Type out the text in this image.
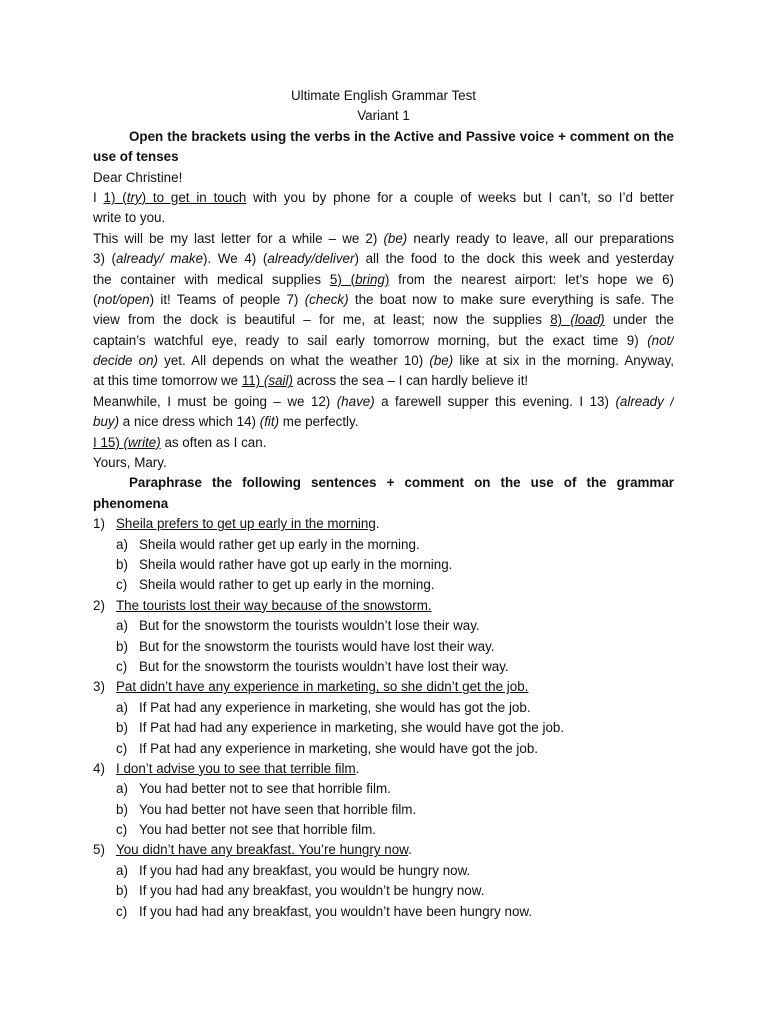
Ultimate English Grammar Test
Variant 1
Open the brackets using the verbs in the Active and Passive voice + comment on the
use of tenses
Dear Christine!
I 1) (try) to get in touch with you by phone for a couple of weeks but I can’t, so I’d better
write to you.
This will be my last letter for a while – we 2) (be) nearly ready to leave, all our preparations
3) (already/ make). We 4) (already/deliver) all the food to the dock this week and yesterday
the container with medical supplies 5) (bring) from the nearest airport: let’s hope we 6)
(not/open) it! Teams of people 7) (check) the boat now to make sure everything is safe. The
view from the dock is beautiful – for me, at least; now the supplies 8) (load) under the
captain’s watchful eye, ready to sail early tomorrow morning, but the exact time 9) (not/
decide on) yet. All depends on what the weather 10) (be) like at six in the morning. Anyway,
at this time tomorrow we 11) (sail) across the sea – I can hardly believe it!
Meanwhile, I must be going – we 12) (have) a farewell supper this evening. I 13) (already /
buy) a nice dress which 14) (fit) me perfectly.
I 15) (write) as often as I can.
Yours, Mary.
Paraphrase the following sentences + comment on the use of the grammar
phenomena
1) Sheila prefers to get up early in the morning.
a) Sheila would rather get up early in the morning.
b) Sheila would rather have got up early in the morning.
c) Sheila would rather to get up early in the morning.
2) The tourists lost their way because of the snowstorm.
a) But for the snowstorm the tourists wouldn’t lose their way.
b) But for the snowstorm the tourists would have lost their way.
c) But for the snowstorm the tourists wouldn’t have lost their way.
3) Pat didn’t have any experience in marketing, so she didn’t get the job.
a) If Pat had any experience in marketing, she would has got the job.
b) If Pat had had any experience in marketing, she would have got the job.
c) If Pat had any experience in marketing, she would have got the job.
4) I don’t advise you to see that terrible film.
a) You had better not to see that horrible film.
b) You had better not have seen that horrible film.
c) You had better not see that horrible film.
5) You didn’t have any breakfast. You’re hungry now.
a) If you had had any breakfast, you would be hungry now.
b) If you had had any breakfast, you wouldn’t be hungry now.
c) If you had had any breakfast, you wouldn’t have been hungry now.
